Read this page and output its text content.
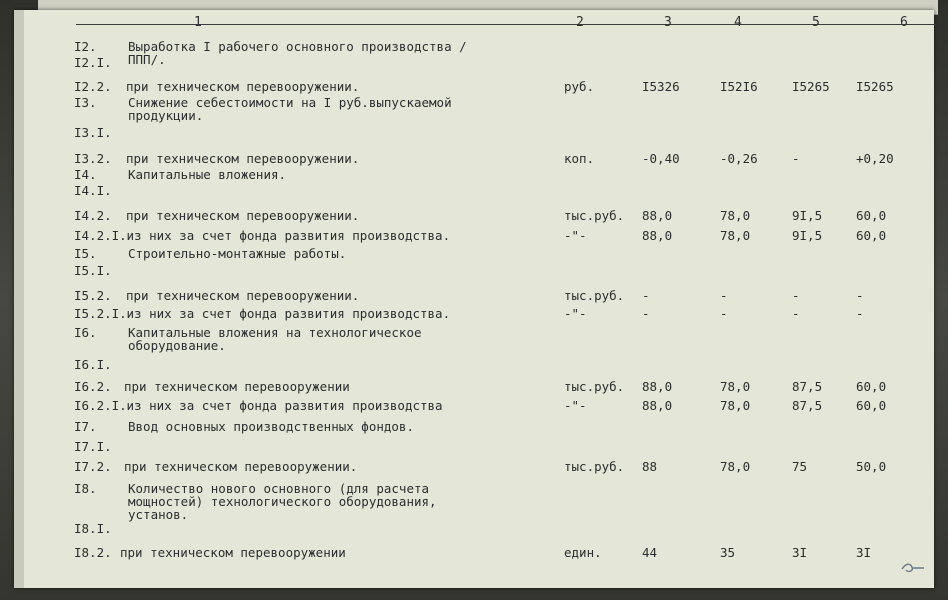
1	2	3	4	5	6
I2.	Выработка I рабочего основного производства /ППП/.
I2.I.
I2.2. при техническом перевооружении.	руб.	I5326	I52I6	I5265	I5265
I3.	Снижение себестоимости на I руб.выпускаемой
продукции.
I3.I.
I3.2. при техническом перевооружении.	коп.	-0,40	-0,26	-	+0,20
I4.	Капитальные вложения.
I4.I.
I4.2. при техническом перевооружении.	тыс.руб. 88,0	78,0	9I,5	60,0
I4.2.I. из них за счет фонда развития производства.	-"-	88,0	78,0	9I,5	60,0
I5.	Строительно-монтажные работы.
I5.I.
I5.2. при техническом перевооружении.	тыс.руб. -	-	-	-
I5.2.I. из них за счет фонда развития производства.	-"-	-	-	-	-
I6.	Капитальные вложения на технологическое
оборудование.
I6.I.
I6.2. при техническом перевооружении	тыс.руб. 88,0	78,0	87,5	60,0
I6.2.I. из них за счет фонда развития производства	-"-	88,0	78,0	87,5	60,0
I7.	Ввод основных производственных фондов.
I7.I.
I7.2. при техническом перевооружении.	тыс.руб. 88	78,0	75	50,0
I8.	Количество нового основного (для расчета
мощностей) технологического оборудования,
установ.
I8.I.
I8.2. при техническом перевооружении	един.	44	35	3I	3I
